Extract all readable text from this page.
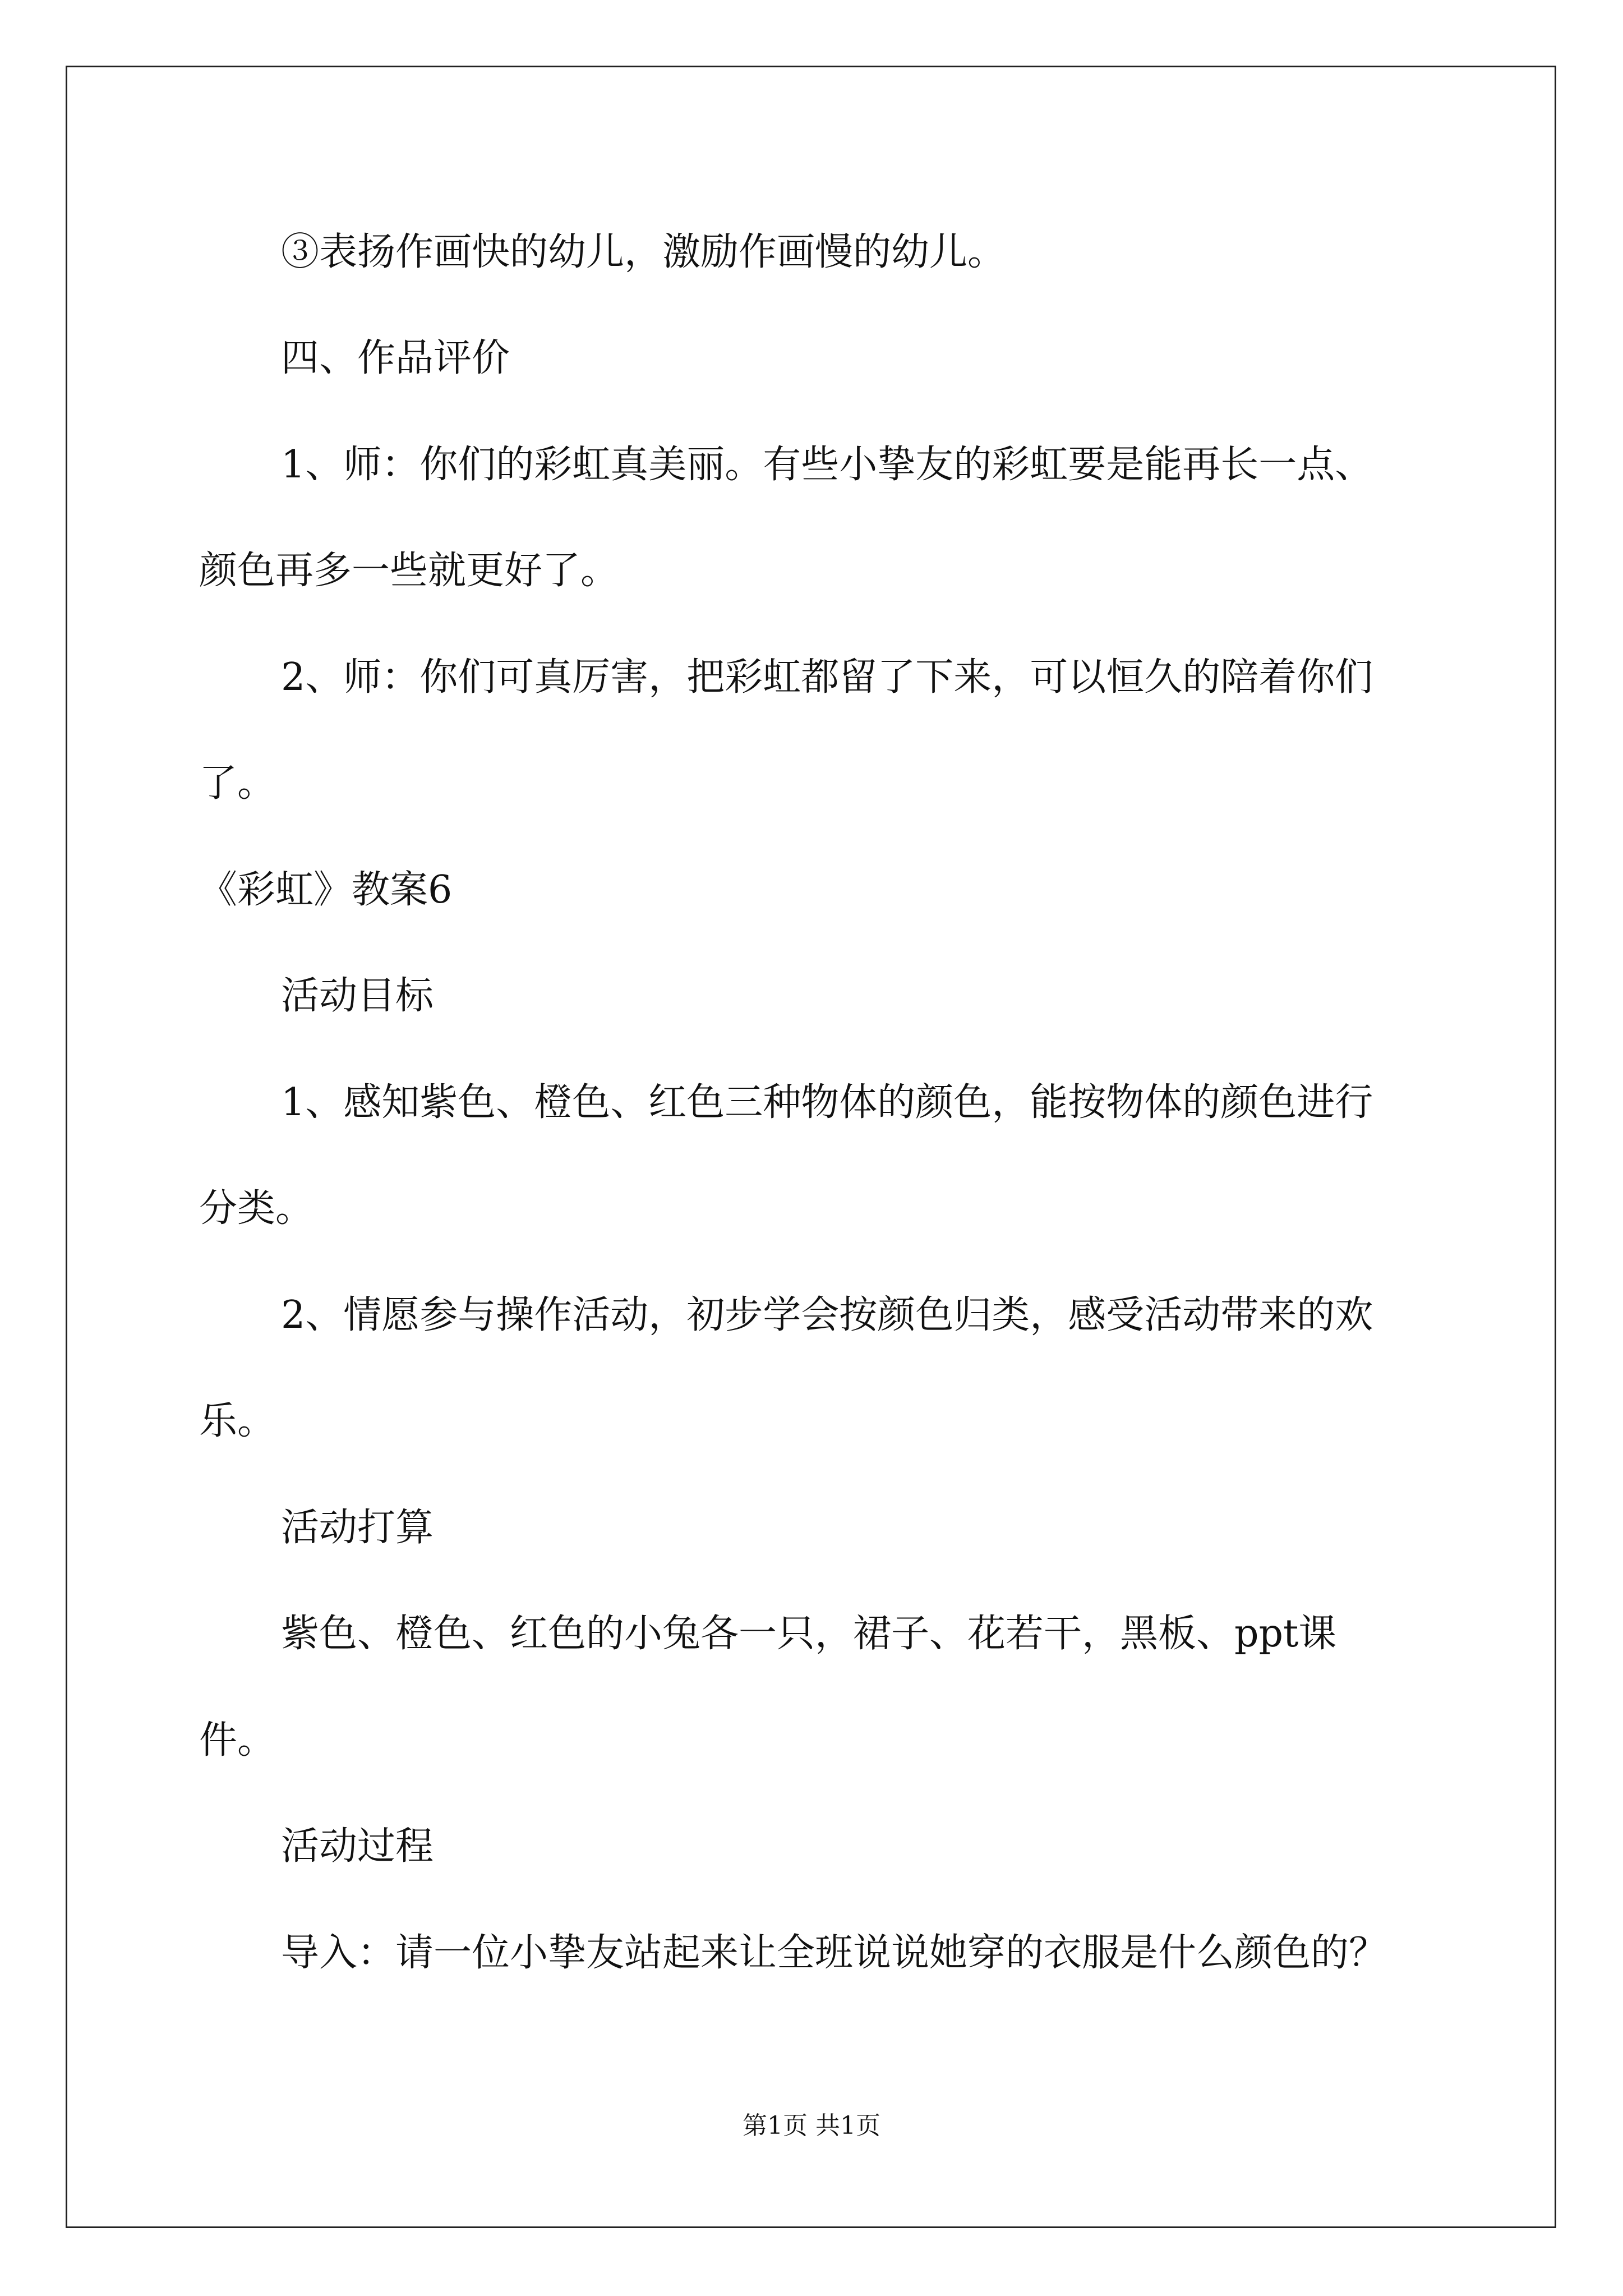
③表扬作画快的幼儿，激励作画慢的幼儿。
四、作品评价
1、师：你们的彩虹真美丽。有些小挚友的彩虹要是能再长一点、
颜色再多一些就更好了。
2、师：你们可真厉害，把彩虹都留了下来，可以恒久的陪着你们
了。
《彩虹》教案6
活动目标
1、感知紫色、橙色、红色三种物体的颜色，能按物体的颜色进行
分类。
2、情愿参与操作活动，初步学会按颜色归类，感受活动带来的欢
乐。
活动打算
紫色、橙色、红色的小兔各一只，裙子、花若干，黑板、ppt课
件。
活动过程
导入：请一位小挚友站起来让全班说说她穿的衣服是什么颜色的？
第1页 共1页
